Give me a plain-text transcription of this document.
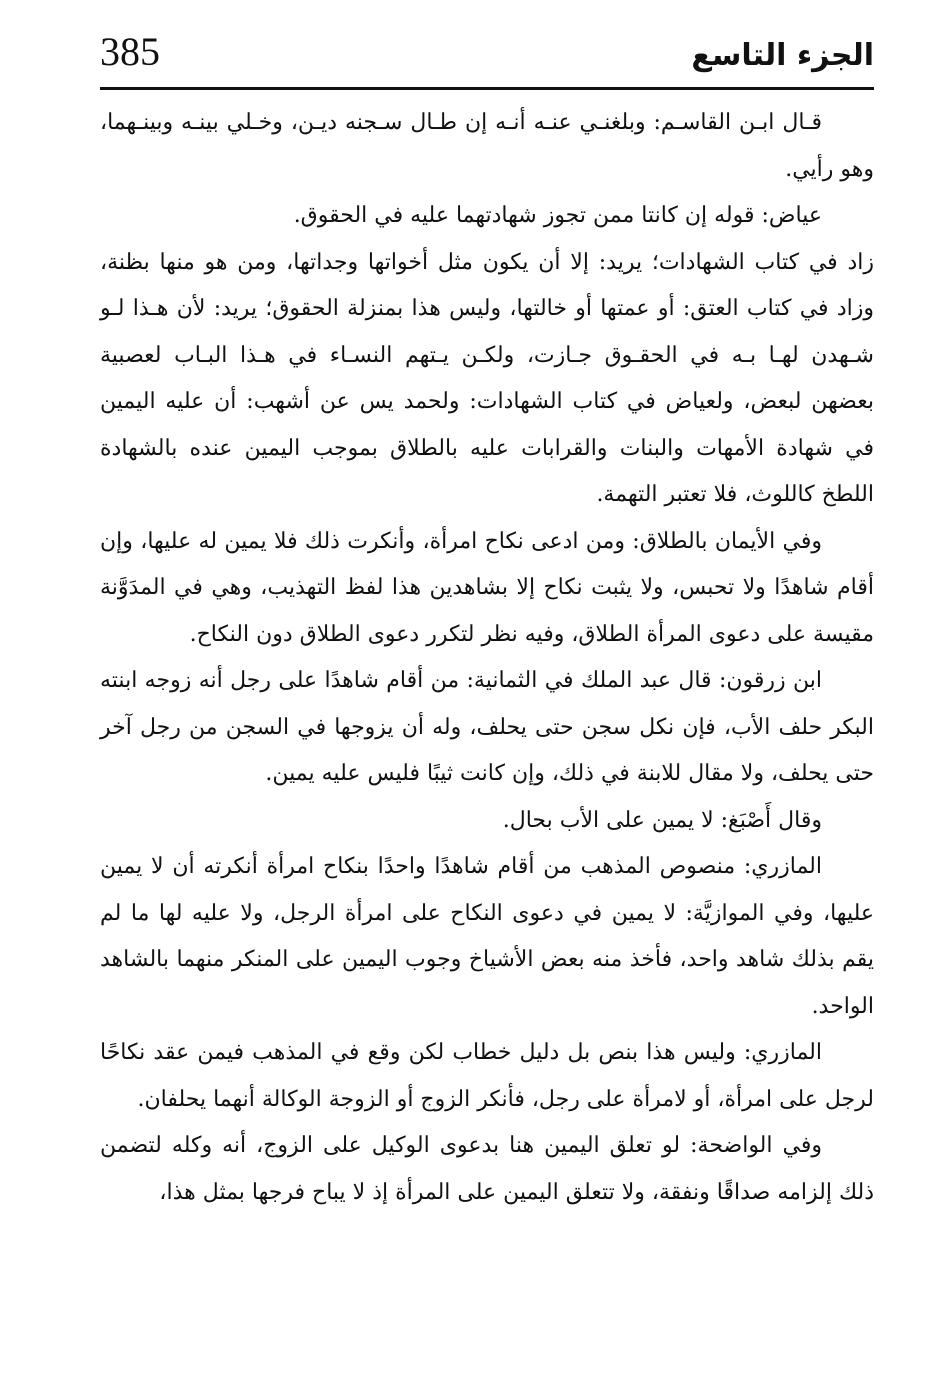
385	الجزء التاسع

قـال ابـن القاسـم: وبلغنـي عنـه أنـه إن طـال سـجنه ديـن، وخـلي بينـه وبينـهما، وهو رأيي.

عياض: قوله إن كانتا ممن تجوز شهادتهما عليه في الحقوق.

زاد في كتاب الشهادات؛ يريد: إلا أن يكون مثل أخواتها وجداتها، ومن هو منها بظنة، وزاد في كتاب العتق: أو عمتها أو خالتها، وليس هذا بمنزلة الحقوق؛ يريد: لأن هـذا لـو شـهدن لهـا بـه في الحقـوق جـازت، ولكـن يـتهم النسـاء في هـذا البـاب لعصبية بعضهن لبعض، ولعياض في كتاب الشهادات: ولحمد يس عن أشهب: أن عليه اليمين في شهادة الأمهات والبنات والقرابات عليه بالطلاق بموجب اليمين عنده بالشهادة اللطخ كاللوث، فلا تعتبر التهمة.

وفي الأيمان بالطلاق: ومن ادعى نكاح امرأة، وأنكرت ذلك فلا يمين له عليها، وإن أقام شاهدًا ولا تحبس، ولا يثبت نكاح إلا بشاهدين هذا لفظ التهذيب، وهي في المدَوَّنة مقيسة على دعوى المرأة الطلاق، وفيه نظر لتكرر دعوى الطلاق دون النكاح.

ابن زرقون: قال عبد الملك في الثمانية: من أقام شاهدًا على رجل أنه زوجه ابنته البكر حلف الأب، فإن نكل سجن حتى يحلف، وله أن يزوجها في السجن من رجل آخر حتى يحلف، ولا مقال للابنة في ذلك، وإن كانت ثيبًا فليس عليه يمين.

وقال أَصْبَغ: لا يمين على الأب بحال.

المازري: منصوص المذهب من أقام شاهدًا واحدًا بنكاح امرأة أنكرته أن لا يمين عليها، وفي الموازيَّة: لا يمين في دعوى النكاح على امرأة الرجل، ولا عليه لها ما لم يقم بذلك شاهد واحد، فأخذ منه بعض الأشياخ وجوب اليمين على المنكر منهما بالشاهد الواحد.

المازري: وليس هذا بنص بل دليل خطاب لكن وقع في المذهب فيمن عقد نكاحًا لرجل على امرأة، أو لامرأة على رجل، فأنكر الزوج أو الزوجة الوكالة أنهما يحلفان.

وفي الواضحة: لو تعلق اليمين هنا بدعوى الوكيل على الزوج، أنه وكله لتضمن ذلك إلزامه صداقًا ونفقة، ولا تتعلق اليمين على المرأة إذ لا يباح فرجها بمثل هذا،
